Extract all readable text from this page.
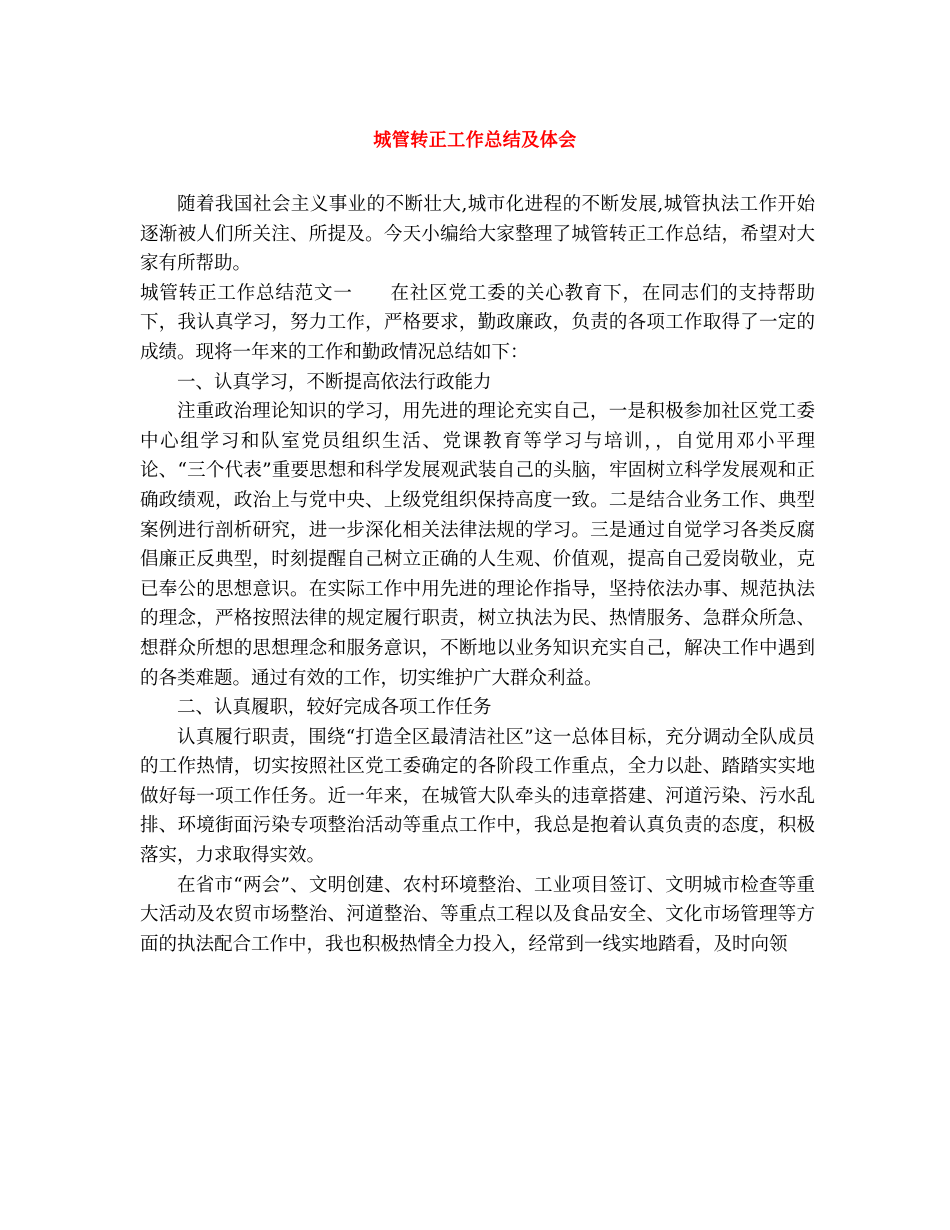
城管转正工作总结及体会

随着我国社会主义事业的不断壮大,城市化进程的不断发展,城管执法工作开始逐渐被人们所关注、所提及。今天小编给大家整理了城管转正工作总结，希望对大家有所帮助。

城管转正工作总结范文一 在社区党工委的关心教育下，在同志们的支持帮助下，我认真学习，努力工作，严格要求，勤政廉政，负责的各项工作取得了一定的成绩。现将一年来的工作和勤政情况总结如下：

一、认真学习，不断提高依法行政能力

注重政治理论知识的学习，用先进的理论充实自己，一是积极参加社区党工委中心组学习和队室党员组织生活、党课教育等学习与培训，，自觉用邓小平理论、“三个代表”重要思想和科学发展观武装自己的头脑，牢固树立科学发展观和正确政绩观，政治上与党中央、上级党组织保持高度一致。二是结合业务工作、典型案例进行剖析研究，进一步深化相关法律法规的学习。三是通过自觉学习各类反腐倡廉正反典型，时刻提醒自己树立正确的人生观、价值观，提高自己爱岗敬业，克已奉公的思想意识。在实际工作中用先进的理论作指导，坚持依法办事、规范执法的理念，严格按照法律的规定履行职责，树立执法为民、热情服务、急群众所急、想群众所想的思想理念和服务意识，不断地以业务知识充实自己，解决工作中遇到的各类难题。通过有效的工作，切实维护广大群众利益。

二、认真履职，较好完成各项工作任务

认真履行职责，围绕“打造全区最清洁社区”这一总体目标，充分调动全队成员的工作热情，切实按照社区党工委确定的各阶段工作重点，全力以赴、踏踏实实地做好每一项工作任务。近一年来，在城管大队牵头的违章搭建、河道污染、污水乱排、环境街面污染专项整治活动等重点工作中，我总是抱着认真负责的态度，积极落实，力求取得实效。

在省市“两会”、文明创建、农村环境整治、工业项目签订、文明城市检查等重大活动及农贸市场整治、河道整治、等重点工程以及食品安全、文化市场管理等方面的执法配合工作中，我也积极热情全力投入，经常到一线实地踏看，及时向领
